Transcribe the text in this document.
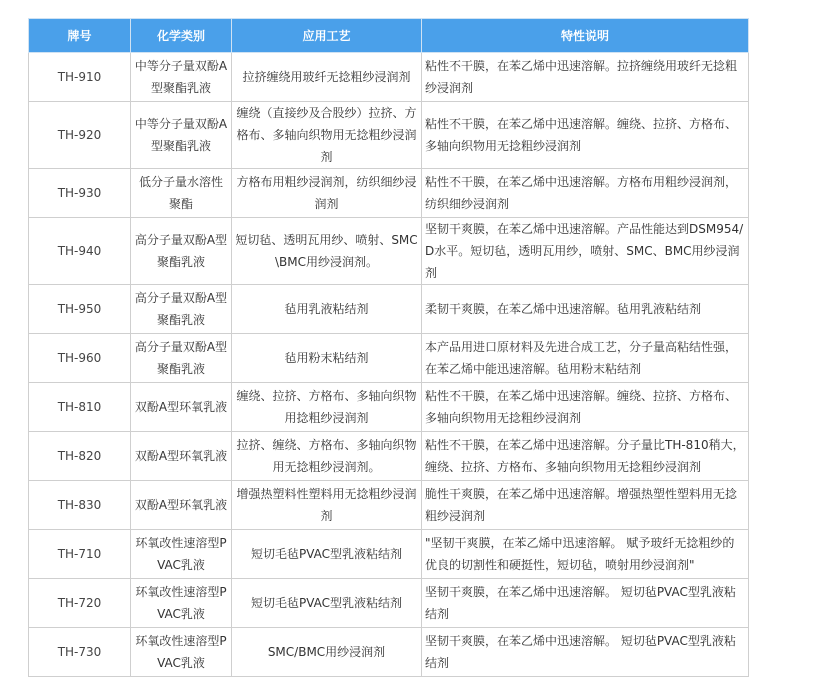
牌号	化学类别	应用工艺	特性说明
TH-910	中等分子量双酚A型聚酯乳液	拉挤缠绕用玻纤无捻粗纱浸润剂	粘性不干膜，在苯乙烯中迅速溶解。拉挤缠绕用玻纤无捻粗纱浸润剂
TH-920	中等分子量双酚A型聚酯乳液	缠绕（直接纱及合股纱）拉挤、方格布、多轴向织物用无捻粗纱浸润剂	粘性不干膜，在苯乙烯中迅速溶解。缠绕、拉挤、方格布、多轴向织物用无捻粗纱浸润剂
TH-930	低分子量水溶性聚酯	方格布用粗纱浸润剂，纺织细纱浸润剂	粘性不干膜，在苯乙烯中迅速溶解。方格布用粗纱浸润剂，纺织细纱浸润剂
TH-940	高分子量双酚A型聚酯乳液	短切毡、透明瓦用纱、喷射、SMC\BMC用纱浸润剂。	坚韧干爽膜，在苯乙烯中迅速溶解。产品性能达到DSM954/D水平。短切毡，透明瓦用纱，喷射、SMC、BMC用纱浸润剂
TH-950	高分子量双酚A型聚酯乳液	毡用乳液粘结剂	柔韧干爽膜，在苯乙烯中迅速溶解。毡用乳液粘结剂
TH-960	高分子量双酚A型聚酯乳液	毡用粉末粘结剂	本产品用进口原材料及先进合成工艺，分子量高粘结性强，在苯乙烯中能迅速溶解。毡用粉末粘结剂
TH-810	双酚A型环氧乳液	缠绕、拉挤、方格布、多轴向织物用捻粗纱浸润剂	粘性不干膜，在苯乙烯中迅速溶解。缠绕、拉挤、方格布、多轴向织物用无捻粗纱浸润剂
TH-820	双酚A型环氧乳液	拉挤、缠绕、方格布、多轴向织物用无捻粗纱浸润剂。	粘性不干膜，在苯乙烯中迅速溶解。分子量比TH-810稍大，缠绕、拉挤、方格布、多轴向织物用无捻粗纱浸润剂
TH-830	双酚A型环氧乳液	增强热塑料性塑料用无捻粗纱浸润剂	脆性干爽膜，在苯乙烯中迅速溶解。增强热塑性塑料用无捻粗纱浸润剂
TH-710	环氧改性速溶型PVAC乳液	短切毛毡PVAC型乳液粘结剂	"坚韧干爽膜，在苯乙烯中迅速溶解。 赋予玻纤无捻粗纱的优良的切割性和硬挺性，短切毡，喷射用纱浸润剂"
TH-720	环氧改性速溶型PVAC乳液	短切毛毡PVAC型乳液粘结剂	坚韧干爽膜，在苯乙烯中迅速溶解。 短切毡PVAC型乳液粘结剂
TH-730	环氧改性速溶型PVAC乳液	SMC/BMC用纱浸润剂	坚韧干爽膜，在苯乙烯中迅速溶解。 短切毡PVAC型乳液粘结剂
